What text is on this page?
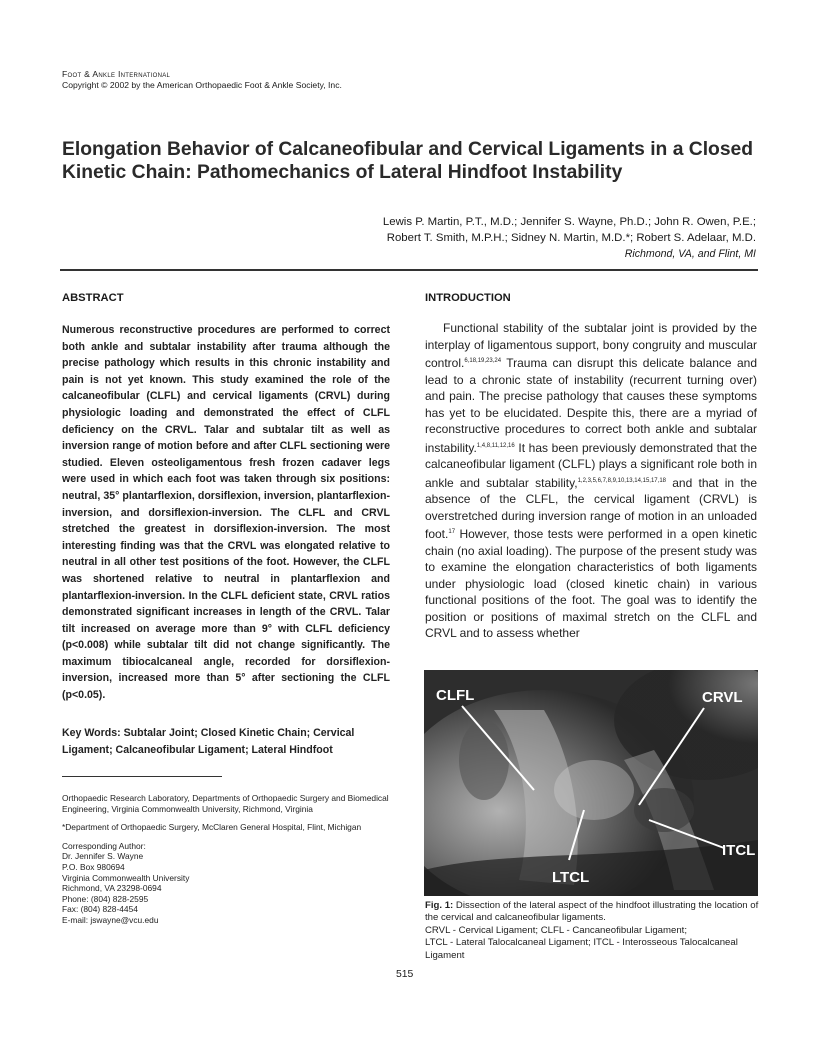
Foot & Ankle International
Copyright © 2002 by the American Orthopaedic Foot & Ankle Society, Inc.
Elongation Behavior of Calcaneofibular and Cervical Ligaments in a Closed
Kinetic Chain: Pathomechanics of Lateral Hindfoot Instability
Lewis P. Martin, P.T., M.D.; Jennifer S. Wayne, Ph.D.; John R. Owen, P.E.;
Robert T. Smith, M.P.H.; Sidney N. Martin, M.D.*; Robert S. Adelaar, M.D.
Richmond, VA, and Flint, MI
ABSTRACT
Numerous reconstructive procedures are performed to correct both ankle and subtalar instability after trauma although the precise pathology which results in this chronic instability and pain is not yet known. This study examined the role of the calcaneofibular (CLFL) and cervical ligaments (CRVL) during physiologic loading and demonstrated the effect of CLFL deficiency on the CRVL. Talar and subtalar tilt as well as inversion range of motion before and after CLFL sectioning were studied. Eleven osteoligamentous fresh frozen cadaver legs were used in which each foot was taken through six positions: neutral, 35° plantarflexion, dorsiflexion, inversion, plantarflexion-inversion, and dorsiflexion-inversion. The CLFL and CRVL stretched the greatest in dorsiflexion-inversion. The most interesting finding was that the CRVL was elongated relative to neutral in all other test positions of the foot. However, the CLFL was shortened relative to neutral in plantarflexion and plantarflexion-inversion. In the CLFL deficient state, CRVL ratios demonstrated significant increases in length of the CRVL. Talar tilt increased on average more than 9° with CLFL deficiency (p<0.008) while subtalar tilt did not change significantly. The maximum tibiocalcaneal angle, recorded for dorsiflexion-inversion, increased more than 5° after sectioning the CLFL (p<0.05).
Key Words: Subtalar Joint; Closed Kinetic Chain; Cervical Ligament; Calcaneofibular Ligament; Lateral Hindfoot
Orthopaedic Research Laboratory, Departments of Orthopaedic Surgery and Biomedical Engineering, Virginia Commonwealth University, Richmond, Virginia
*Department of Orthopaedic Surgery, McClaren General Hospital, Flint, Michigan
Corresponding Author:
Dr. Jennifer S. Wayne
P.O. Box 980694
Virginia Commonwealth University
Richmond, VA 23298-0694
Phone: (804) 828-2595
Fax: (804) 828-4454
E-mail: jswayne@vcu.edu
INTRODUCTION

Functional stability of the subtalar joint is provided by the interplay of ligamentous support, bony congruity and muscular control.$^{6,18,19,23,24}$ Trauma can disrupt this delicate balance and lead to a chronic state of instability (recurrent turning over) and pain. The precise pathology that causes these symptoms has yet to be elucidated. Despite this, there are a myriad of reconstructive procedures to correct both ankle and subtalar instability.$^{1,4,8,11,12,16}$ It has been previously demonstrated that the calcaneofibular ligament (CLFL) plays a significant role both in ankle and subtalar stability,$^{1,2,3,5,6,7,8,9,10,13,14,15,17,18}$ and that in the absence of the CLFL, the cervical ligament (CRVL) is overstretched during inversion range of motion in an unloaded foot.$^{17}$ However, those tests were performed in a open kinetic chain (no axial loading). The purpose of the present study was to examine the elongation characteristics of both ligaments under physiologic load (closed kinetic chain) in various functional positions of the foot. The goal was to identify the position or positions of maximal stretch on the CLFL and CRVL and to assess whether

CLFL	CRVL
LTCL
ITCL
Fig. 1: Dissection of the lateral aspect of the hindfoot illustrating the location of the cervical and calcaneofibular ligaments.
CRVL - Cervical Ligament; CLFL - Cancaneofibular Ligament;
LTCL - Lateral Talocalcaneal Ligament; ITCL - Interosseous Talocalcaneal Ligament
515
